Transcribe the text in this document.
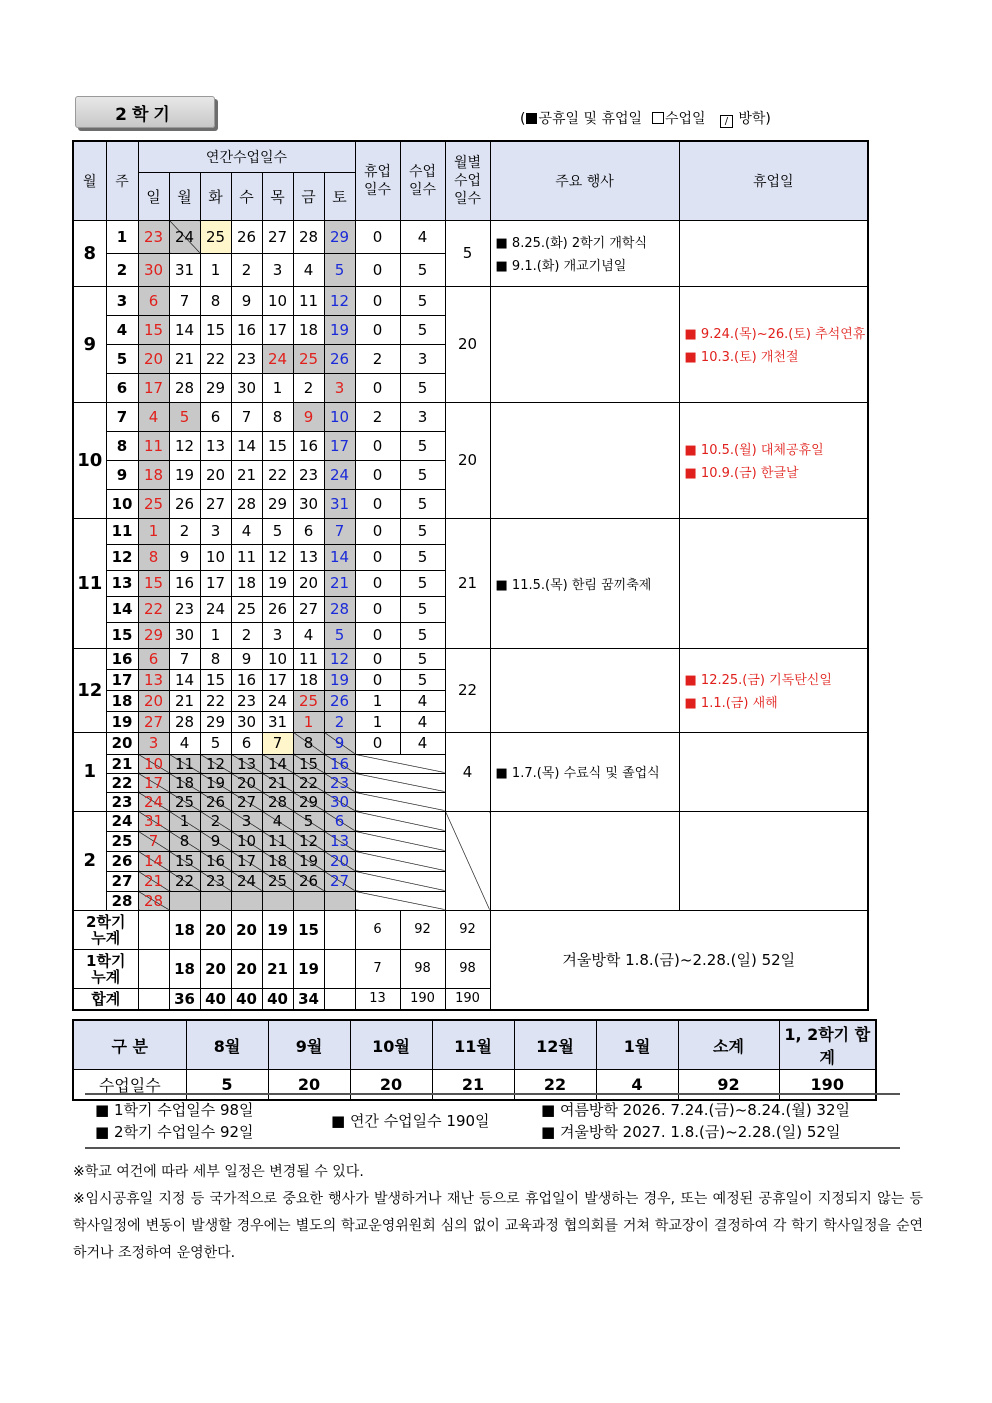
2학기	( 공휴일 및 휴업일 수업일 / 방학)
월	주	연간수업일수							휴업일수	수업일수	월별수업일수	주요 행사	휴업일
		일	월	화	수	목	금	토					
8	1	23	24	25	26	27	28	29	0	4	5	■ 8.25.(화) 2학기 개학식
■ 9.1.(화) 개교기념일	

	2	30	31	1	2	3	4	5	0	5			
9	3	6	7	8	9	10	11	12	0	5	20		■ 9.24.(목)~26.(토) 추석연휴
■ 10.3.(토) 개천절

	4	15	14	15	16	17	18	19	0	5			
	5	20	21	22	23	24	25	26	2	3			
	6	17	28	29	30	1	2	3	0	5			
10	7	4	5	6	7	8	9	10	2	3	20		■ 10.5.(월) 대체공휴일
■ 10.9.(금) 한글날

	8	11	12	13	14	15	16	17	0	5			
	9	18	19	20	21	22	23	24	0	5			
	10	25	26	27	28	29	30	31	0	5			
11	11	1	2	3	4	5	6	7	0	5	21	■ 11.5.(목) 한림 꿈끼축제	

	12	8	9	10	11	12	13	14	0	5			
	13	15	16	17	18	19	20	21	0	5			
	14	22	23	24	25	26	27	28	0	5			
	15	29	30	1	2	3	4	5	0	5			
12	16	6	7	8	9	10	11	12	0	5	22		■ 12.25.(금) 기독탄신일
■ 1.1.(금) 새해

	17	13	14	15	16	17	18	19	0	5			
	18	20	21	22	23	24	25	26	1	4			
	19	27	28	29	30	31	1	2	1	4			
1	20	3	4	5	6	7	8	9	0	4	4	■ 1.7.(목) 수료식 및 졸업식	

	21	10	11	12	13	14	15	16					
	22	17	18	19	20	21	22	23					
	23	24	25	26	27	28	29	30					
2	24	31	1	2	3	4	5	6					
	25	7	8	9	10	11	12	13					
	26	14	15	16	17	18	19	20					
	27	21	22	23	24	25	26	27					
	28	28											
2학기 누계			18	20	20	19	15		6	92	92	겨울방학 1.8.(금)~2.28.(일) 52일	
1학기 누계			18	20	20	21	19		7	98	98		
합계			36	40	40	40	34		13	190	190		
구 분	8월	9월	10월	11월	12월	1월	소계	1, 2학기 합계
수업일수	5	20	20	21	22	4	92	190
■ 1학기 수업일수 98일
■ 2학기 수업일수 92일
■ 연간 수업일수 190일
■ 여름방학 2026. 7.24.(금)~8.24.(월) 32일
■ 겨울방학 2027. 1.8.(금)~2.28.(일) 52일

※학교 여건에 따라 세부 일정은 변경될 수 있다.

※임시공휴일 지정 등 국가적으로 중요한 행사가 발생하거나 재난 등으로 휴업일이 발생하는 경우, 또는 예정된 공휴일이 지정되지 않는 등 학사일정에 변동이 발생할 경우에는 별도의 학교운영위원회 심의 없이 교육과정 협의회를 거쳐 학교장이 결정하여 각 학기 학사일정을 순연하거나 조정하여 운영한다.
